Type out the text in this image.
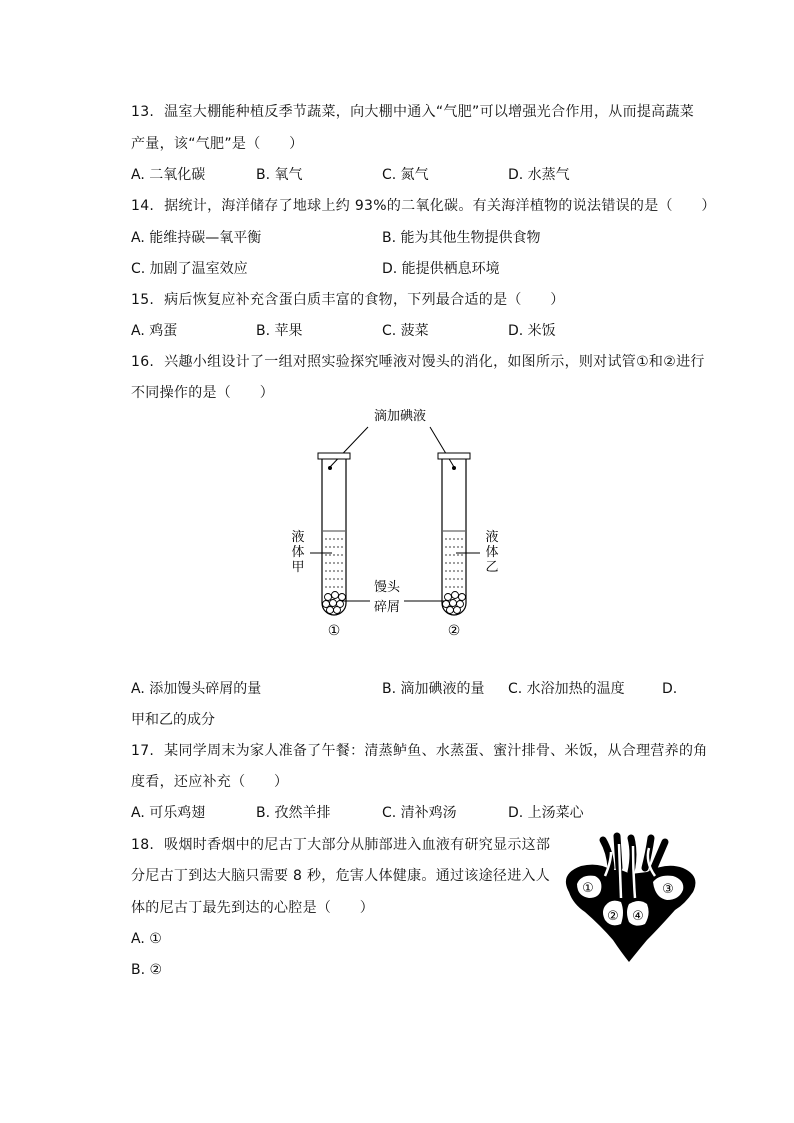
13. 温室大棚能种植反季节蔬菜，向大棚中通入“气肥”可以增强光合作用，从而提高蔬菜
产量，该“气肥”是（　　）
A. 二氧化碳	B. 氧气	C. 氮气	D. 水蒸气
14. 据统计，海洋储存了地球上约 93%的二氧化碳。有关海洋植物的说法错误的是（　　）
A. 能维持碳—氧平衡	B. 能为其他生物提供食物
C. 加剧了温室效应	D. 能提供栖息环境
15. 病后恢复应补充含蛋白质丰富的食物，下列最合适的是（　　）
A. 鸡蛋	B. 苹果	C. 菠菜	D. 米饭
16. 兴趣小组设计了一组对照实验探究唾液对馒头的消化，如图所示，则对试管①和②进行
不同操作的是（　　）
滴加碘液
液
体
甲
液
体
乙
馒头
碎屑
①	②
A. 添加馒头碎屑的量	B. 滴加碘液的量 C. 水浴加热的温度	D.
甲和乙的成分
17. 某同学周末为家人准备了午餐：清蒸鲈鱼、水蒸蛋、蜜汁排骨、米饭，从合理营养的角
度看，还应补充（　　）
A. 可乐鸡翅	B. 孜然羊排	C. 清补鸡汤	D. 上汤菜心
18. 吸烟时香烟中的尼古丁大部分从肺部进入血液有研究显示这部
分尼古丁到达大脑只需要 8 秒，危害人体健康。通过该途径进入人
体的尼古丁最先到达的心腔是（　　）
A. ①
B. ②
①
②
③
④
